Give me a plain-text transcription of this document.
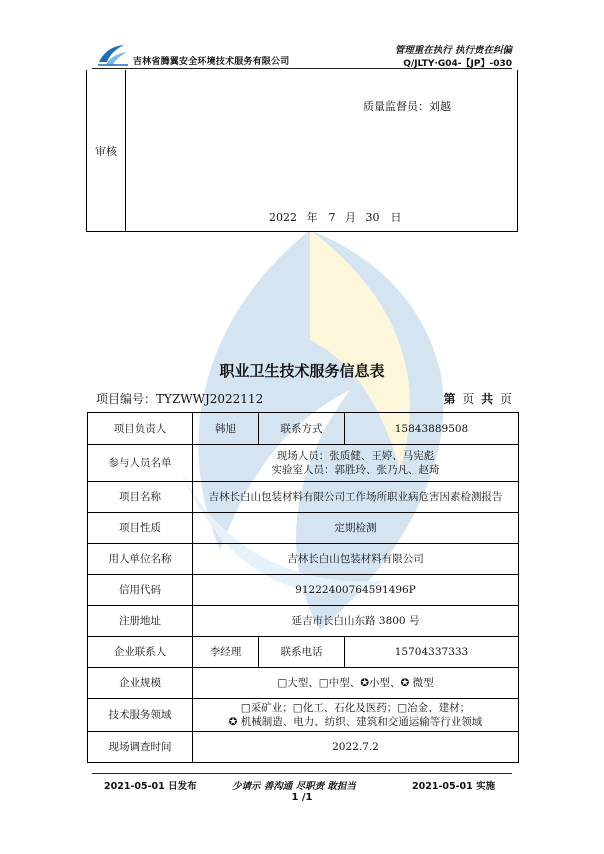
吉林省腾翼安全环境技术服务有限公司
管理重在执行 执行贵在纠偏
Q/JLTY·G04-【JP】-030
审核
质量监督员：刘越
2022 年　7 月 30　日
职业卫生技术服务信息表
项目编号：TYZWWJ2022112	第 页 共 页
项目负责人	韩旭	联系方式	15843889508
参与人员名单	现场人员：张质健、王婷、马宪彪
实验室人员：郭胜玲、张乃凡、赵琦		

项目名称	吉林长白山包装材料有限公司工作场所职业病危害因素检测报告		
项目性质	定期检测		
用人单位名称	吉林长白山包装材料有限公司		
信用代码	91222400764591496P		
注册地址	延吉市长白山东路 3800 号		
企业联系人	李经理	联系电话	15704337333
企业规模	□大型、□中型、✪小型、✪ 微型		
技术服务领域	□采矿业；□化工、石化及医药；□冶金、建材；
✪ 机械制造、电力、纺织、建筑和交通运输等行业领域		

现场调查时间	2022.7.2		
2021-05-01 日发布	少请示 善沟通 尽职责 敢担当	2021-05-01 实施
1 /1
